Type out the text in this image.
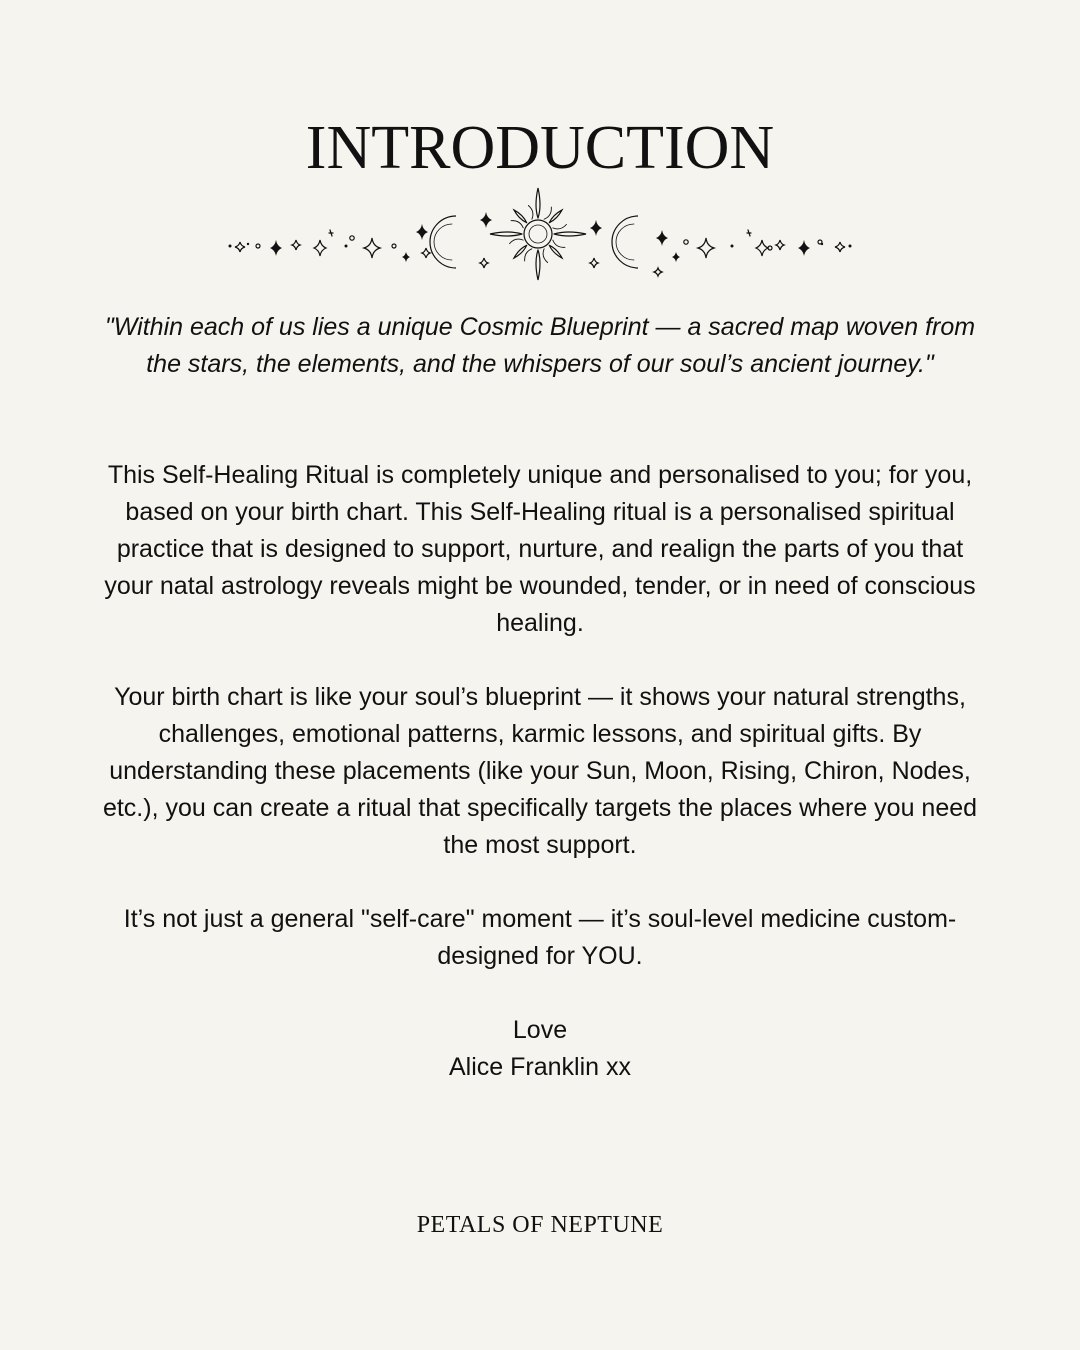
INTRODUCTION

"Within each of us lies a unique Cosmic Blueprint — a sacred map woven from the stars, the elements, and the whispers of our soul’s ancient journey."

This Self-Healing Ritual is completely unique and personalised to you; for you, based on your birth chart. This Self-Healing ritual is a personalised spiritual practice that is designed to support, nurture, and realign the parts of you that your natal astrology reveals might be wounded, tender, or in need of conscious healing.

Your birth chart is like your soul’s blueprint — it shows your natural strengths, challenges, emotional patterns, karmic lessons, and spiritual gifts. By understanding these placements (like your Sun, Moon, Rising, Chiron, Nodes, etc.), you can create a ritual that specifically targets the places where you need the most support.

It’s not just a general "self-care" moment — it’s soul-level medicine custom-designed for YOU.

Love
Alice Franklin xx
PETALS OF NEPTUNE
